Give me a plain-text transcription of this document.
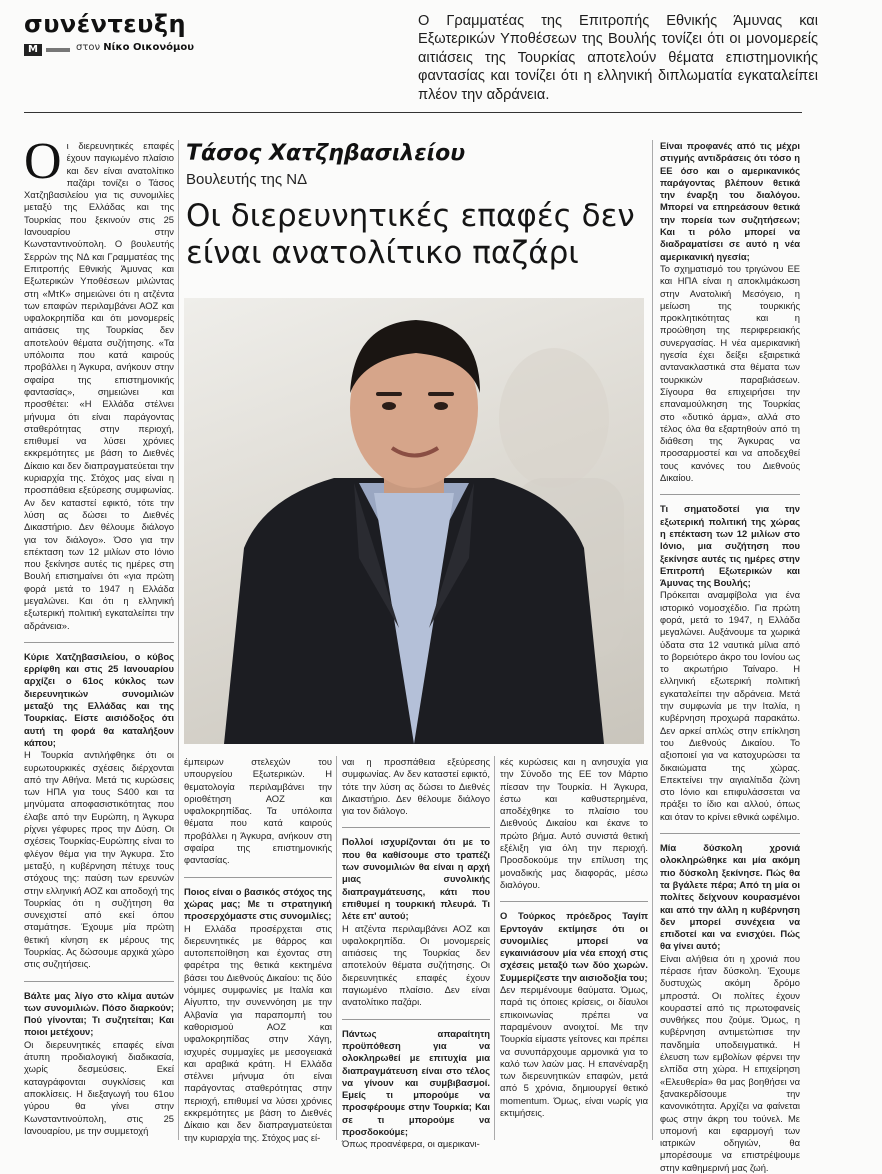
συνέντευξη
M	στον Νίκο Οικονόμου
Ο Γραμματέας της Επιτροπής Εθνικής Άμυνας και Εξωτερικών Υποθέσεων της Βουλής τονίζει ότι οι μονομερείς αιτιάσεις της Τουρκίας αποτελούν θέματα επιστημονικής φαντασίας και τονίζει ότι η ελληνική διπλωματία εγκαταλείπει πλέον την αδράνεια.
Τάσος Χατζηβασιλείου
Βουλευτής της ΝΔ
Οι διερευνητικές επαφές δεν είναι ανατολίτικο παζάρι

Oι διερευνητικές επαφές έχουν παγιωμένο πλαίσιο και δεν είναι ανατολίτικο παζάρι τονίζει ο Τάσος Χατζηβασιλείου για τις συνομιλίες μεταξύ της Ελλάδας και της Τουρκίας που ξεκινούν στις 25 Ιανουαρίου στην Κωνσταντινούπολη. Ο βουλευτής Σερρών της ΝΔ και Γραμματέας της Επιτροπής Εθνικής Άμυνας και Εξωτερικών Υποθέσεων μιλώντας στη «ΜτΚ» σημειώνει ότι η ατζέντα των επαφών περιλαμβάνει ΑΟΖ και υφαλοκρηπίδα και ότι μονομερείς αιτιάσεις της Τουρκίας δεν αποτελούν θέματα συζήτησης. «Τα υπόλοιπα που κατά καιρούς προβάλλει η Άγκυρα, ανήκουν στην σφαίρα της επιστημονικής φαντασίας», σημειώνει και προσθέτει: «Η Ελλάδα στέλνει μήνυμα ότι είναι παράγοντας σταθερότητας στην περιοχή, επιθυμεί να λύσει χρόνιες εκκρεμότητες με βάση το Διεθνές Δίκαιο και δεν διαπραγματεύεται την κυριαρχία της. Στόχος μας είναι η προσπάθεια εξεύρεσης συμφωνίας. Αν δεν καταστεί εφικτό, τότε την λύση ας δώσει το Διεθνές Δικαστήριο. Δεν θέλουμε διάλογο για τον διάλογο». Όσο για την επέκταση των 12 μιλίων στο Ιόνιο που ξεκίνησε αυτές τις ημέρες στη Βουλή επισημαίνει ότι «για πρώτη φορά μετά το 1947 η Ελλάδα μεγαλώνει. Και ότι η ελληνική εξωτερική πολιτική εγκαταλείπει την αδράνεια».

Κύριε Χατζηβασιλείου, ο κύβος ερρίφθη και στις 25 Ιανουαρίου αρχίζει ο 61ος κύκλος των διερευνητικών συνομιλιών μεταξύ της Ελλάδας και της Τουρκίας. Είστε αισιόδοξος ότι αυτή τη φορά θα καταλήξουν κάπου;

Η Τουρκία αντιλήφθηκε ότι οι ευρωτουρκικές σχέσεις διέρχονται από την Αθήνα. Μετά τις κυρώσεις των ΗΠΑ για τους S400 και τα μηνύματα αποφασιστικότητας που έλαβε από την Ευρώπη, η Άγκυρα ρίχνει γέφυρες προς την Δύση. Οι σχέσεις Τουρκίας-Ευρώπης είναι το φλέγον θέμα για την Άγκυρα. Στο μεταξύ, η κυβέρνηση πέτυχε τους στόχους της: παύση των ερευνών στην ελληνική ΑΟΖ και αποδοχή της Τουρκίας ότι η συζήτηση θα συνεχιστεί από εκεί όπου σταμάτησε. Έχουμε μία πρώτη θετική κίνηση εκ μέρους της Τουρκίας. Ας δώσουμε αρχικά χώρο στις συζητήσεις.

Βάλτε μας λίγο στο κλίμα αυτών των συνομιλιών. Πόσο διαρκούν; Πού γίνονται; Τι συζητείται; Και ποιοι μετέχουν;

Οι διερευνητικές επαφές είναι άτυπη προδιαλογική διαδικασία, χωρίς δεσμεύσεις. Εκεί καταγράφονται συγκλίσεις και αποκλίσεις. Η διεξαγωγή του 61ου γύρου θα γίνει στην Κωνσταντινούπολη, στις 25 Ιανουαρίου, με την συμμετοχή

έμπειρων στελεχών του υπουργείου Εξωτερικών. Η θεματολογία περιλαμβάνει την οριοθέτηση ΑΟΖ και υφαλοκρηπίδας. Τα υπόλοιπα θέματα που κατά καιρούς προβάλλει η Άγκυρα, ανήκουν στη σφαίρα της επιστημονικής φαντασίας.

Ποιος είναι ο βασικός στόχος της χώρας μας; Με τι στρατηγική προσερχόμαστε στις συνομιλίες;

Η Ελλάδα προσέρχεται στις διερευνητικές με θάρρος και αυτοπεποίθηση και έχοντας στη φαρέτρα της θετικά κεκτημένα βάσει του Διεθνούς Δικαίου: τις δύο νόμιμες συμφωνίες με Ιταλία και Αίγυπτο, την συνεννόηση με την Αλβανία για παραπομπή του καθορισμού ΑΟΖ και υφαλοκρηπίδας στην Χάγη, ισχυρές συμμαχίες με μεσογειακά και αραβικά κράτη. Η Ελλάδα στέλνει μήνυμα ότι είναι παράγοντας σταθερότητας στην περιοχή, επιθυμεί να λύσει χρόνιες εκκρεμότητες με βάση το Διεθνές Δίκαιο και δεν διαπραγματεύεται την κυριαρχία της. Στόχος μας εί-

ναι η προσπάθεια εξεύρεσης συμφωνίας. Αν δεν καταστεί εφικτό, τότε την λύση ας δώσει το Διεθνές Δικαστήριο. Δεν θέλουμε διάλογο για τον διάλογο.

Πολλοί ισχυρίζονται ότι με το που θα καθίσουμε στο τραπέζι των συνομιλιών θα είναι η αρχή μιας συνολικής διαπραγμάτευσης, κάτι που επιθυμεί η τουρκική πλευρά. Τι λέτε επ' αυτού;

Η ατζέντα περιλαμβάνει ΑΟΖ και υφαλοκρηπίδα. Οι μονομερείς αιτιάσεις της Τουρκίας δεν αποτελούν θέματα συζήτησης. Οι διερευνητικές επαφές έχουν παγιωμένο πλαίσιο. Δεν είναι ανατολίτικο παζάρι.

Πάντως απαραίτητη προϋπόθεση για να ολοκληρωθεί με επιτυχία μια διαπραγμάτευση είναι στο τέλος να γίνουν και συμβιβασμοί. Εμείς τι μπορούμε να προσφέρουμε στην Τουρκία; Και σε τι μπορούμε να προσδοκούμε;

Όπως προανέφερα, οι αμερικανι-

κές κυρώσεις και η ανησυχία για την Σύνοδο της ΕΕ τον Μάρτιο πίεσαν την Τουρκία. Η Άγκυρα, έστω και καθυστερημένα, αποδέχθηκε το πλαίσιο του Διεθνούς Δικαίου και έκανε το πρώτο βήμα. Αυτό συνιστά θετική εξέλιξη για όλη την περιοχή. Προσδοκούμε την επίλυση της μοναδικής μας διαφοράς, μέσω διαλόγου.

Ο Τούρκος πρόεδρος Ταγίπ Ερντογάν εκτίμησε ότι οι συνομιλίες μπορεί να εγκαινιάσουν μία νέα εποχή στις σχέσεις μεταξύ των δύο χωρών. Συμμερίζεστε την αισιοδοξία του;

Δεν περιμένουμε θαύματα. Όμως, παρά τις όποιες κρίσεις, οι δίαυλοι επικοινωνίας πρέπει να παραμένουν ανοιχτοί. Με την Τουρκία είμαστε γείτονες και πρέπει να συνυπάρχουμε αρμονικά για το καλό των λαών μας. Η επανέναρξη των διερευνητικών επαφών, μετά από 5 χρόνια, δημιουργεί θετικό momentum. Όμως, είναι νωρίς για εκτιμήσεις.

Είναι προφανές από τις μέχρι στιγμής αντιδράσεις ότι τόσο η ΕΕ όσο και ο αμερικανικός παράγοντας βλέπουν θετικά την έναρξη του διαλόγου. Μπορεί να επηρεάσουν θετικά την πορεία των συζητήσεων; Και τι ρόλο μπορεί να διαδραματίσει σε αυτό η νέα αμερικανική ηγεσία;

Το σχηματισμό του τριγώνου ΕΕ και ΗΠΑ είναι η αποκλιμάκωση στην Ανατολική Μεσόγειο, η μείωση της τουρκικής προκλητικότητας και η προώθηση της περιφερειακής συνεργασίας. Η νέα αμερικανική ηγεσία έχει δείξει εξαιρετικά αντανακλαστικά στα θέματα των τουρκικών παραβιάσεων. Σίγουρα θα επιχειρήσει την επαναμούλκηση της Τουρκίας στο «δυτικό άρμα», αλλά στο τέλος όλα θα εξαρτηθούν από τη διάθεση της Άγκυρας να προσαρμοστεί και να αποδεχθεί τους κανόνες του Διεθνούς Δικαίου.

Τι σηματοδοτεί για την εξωτερική πολιτική της χώρας η επέκταση των 12 μιλίων στο Ιόνιο, μια συζήτηση που ξεκίνησε αυτές τις ημέρες στην Επιτροπή Εξωτερικών και Άμυνας της Βουλής;

Πρόκειται αναμφίβολα για ένα ιστορικό νομοσχέδιο. Για πρώτη φορά, μετά το 1947, η Ελλάδα μεγαλώνει. Αυξάνουμε τα χωρικά ύδατα στα 12 ναυτικά μίλια από το βορειότερο άκρο του Ιονίου ως το ακρωτήριο Ταίναρο. Η ελληνική εξωτερική πολιτική εγκαταλείπει την αδράνεια. Μετά την συμφωνία με την Ιταλία, η κυβέρνηση προχωρά παρακάτω. Δεν αρκεί απλώς στην επίκληση του Διεθνούς Δικαίου. Το αξιοποιεί για να κατοχυρώσει τα δικαιώματα της χώρας. Επεκτείνει την αιγιαλίτιδα ζώνη στο Ιόνιο και επιφυλάσσεται να πράξει το ίδιο και αλλού, όπως και όταν το κρίνει εθνικά ωφέλιμο.

Μία δύσκολη χρονιά ολοκληρώθηκε και μία ακόμη πιο δύσκολη ξεκίνησε. Πώς θα τα βγάλετε πέρα; Από τη μία οι πολίτες δείχνουν κουρασμένοι και από την άλλη η κυβέρνηση δεν μπορεί συνέχεια να επιδοτεί και να ενισχύει. Πώς θα γίνει αυτό;

Είναι αλήθεια ότι η χρονιά που πέρασε ήταν δύσκολη. Έχουμε δυστυχώς ακόμη δρόμο μπροστά. Οι πολίτες έχουν κουραστεί από τις πρωτοφανείς συνθήκες που ζούμε. Όμως, η κυβέρνηση αντιμετώπισε την πανδημία υποδειγματικά. Η έλευση των εμβολίων φέρνει την ελπίδα στη χώρα. Η επιχείρηση «Ελευθερία» θα μας βοηθήσει να ξανακερδίσουμε την κανονικότητα. Αρχίζει να φαίνεται φως στην άκρη του τούνελ. Με υπομονή και εφαρμογή των ιατρικών οδηγιών, θα μπορέσουμε να επιστρέψουμε στην καθημερινή μας ζωή.
